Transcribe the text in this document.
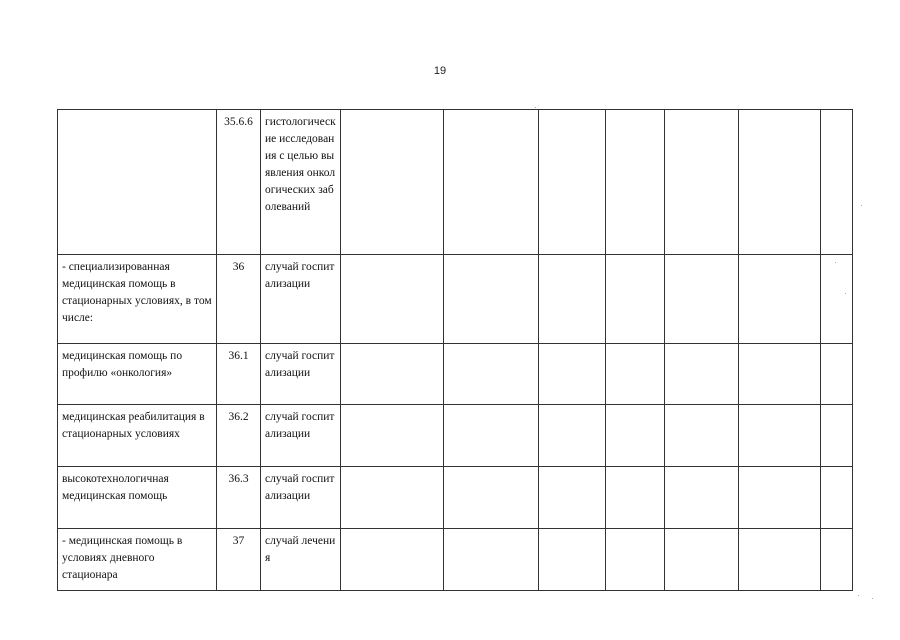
19
	35.6.6	гистологические исследования с целью выявления онкологических заболеваний							
- специализированная медицинская помощь в стационарных условиях, в том числе:	36	случай госпитализации							
медицинская помощь по профилю «онкология»	36.1	случай госпитализации							
медицинская реабилитация в стационарных условиях	36.2	случай госпитализации							
высокотехнологичная медицинская помощь	36.3	случай госпитализации							
- медицинская помощь в условиях дневного стационара	37	случай лечения							
